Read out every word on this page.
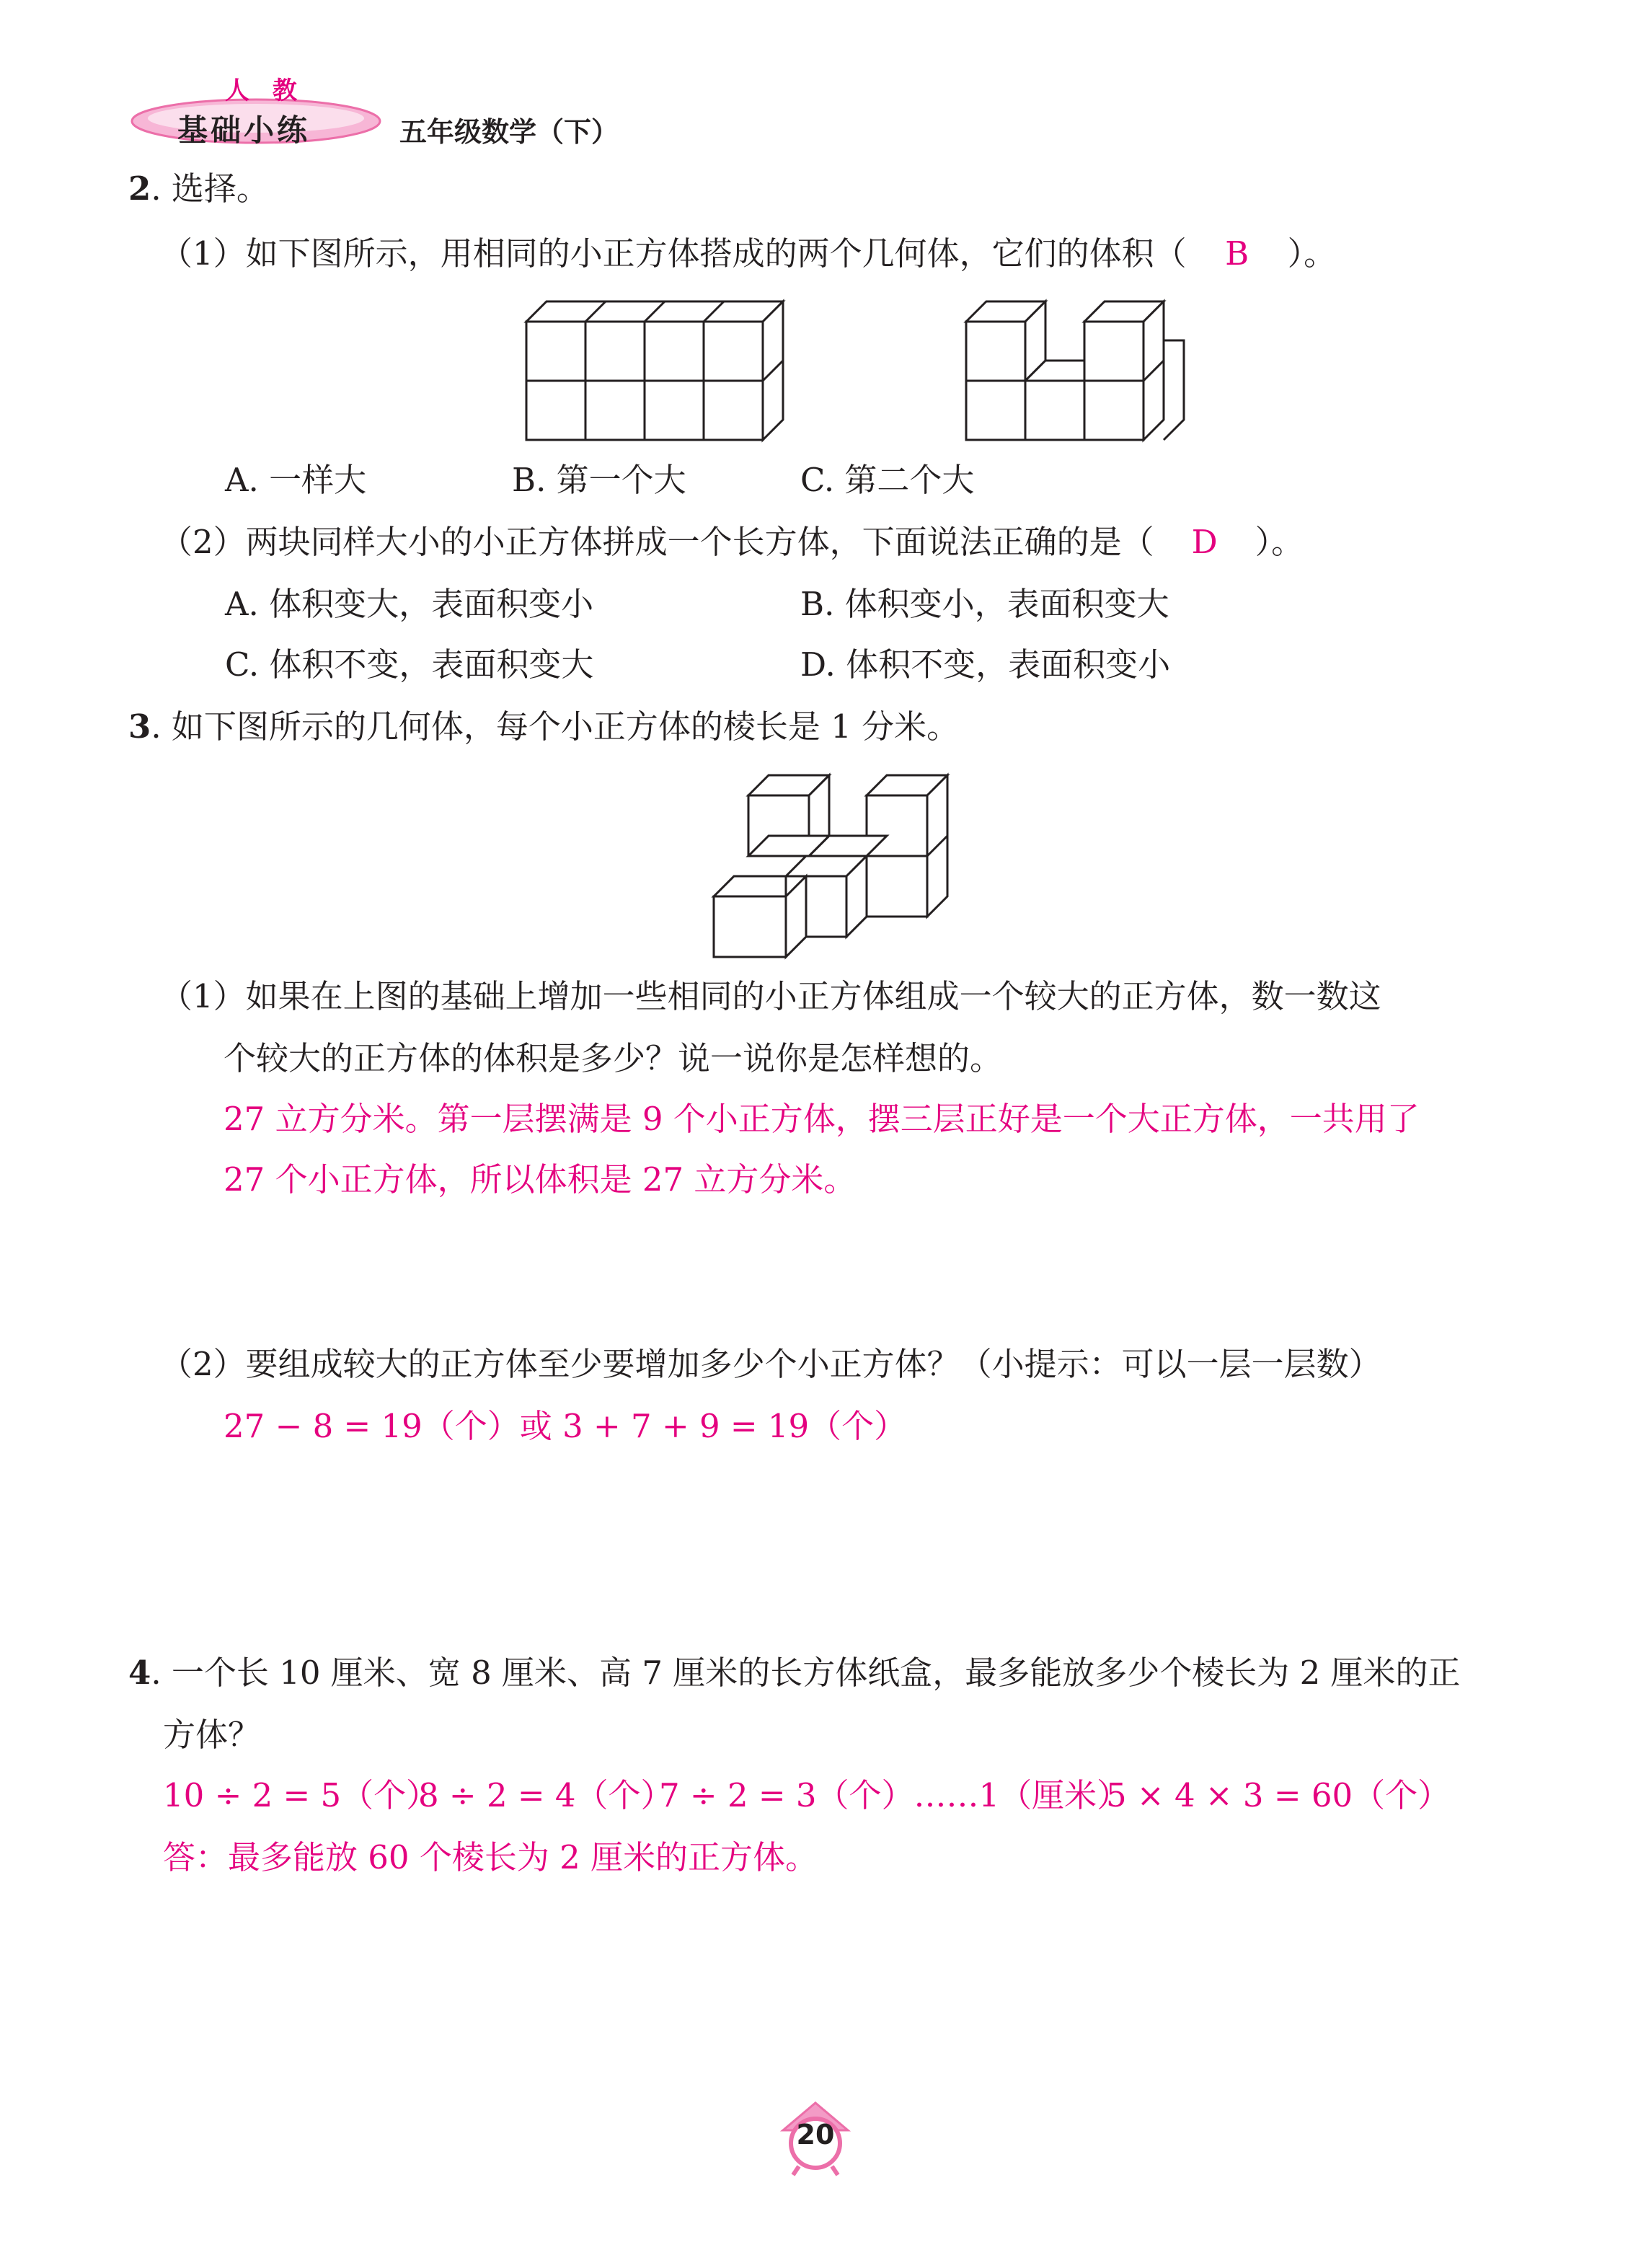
人 教
基础小练	五年级数学（下）
2. 选择。
（1）如下图所示，用相同的小正方体搭成的两个几何体，它们的体积（ B ）。
A. 一样大	B. 第一个大	C. 第二个大
（2）两块同样大小的小正方体拼成一个长方体，下面说法正确的是（ D ）。
A. 体积变大，表面积变小	B. 体积变小，表面积变大
C. 体积不变，表面积变大	D. 体积不变，表面积变小
3. 如下图所示的几何体，每个小正方体的棱长是 1 分米。
（1）如果在上图的基础上增加一些相同的小正方体组成一个较大的正方体，数一数这
个较大的正方体的体积是多少？说一说你是怎样想的。
27 立方分米。第一层摆满是 9 个小正方体，摆三层正好是一个大正方体，一共用了
27 个小正方体，所以体积是 27 立方分米。
（2）要组成较大的正方体至少要增加多少个小正方体？（小提示：可以一层一层数）
27 − 8 = 19（个）或 3 + 7 + 9 = 19（个）
4. 一个长 10 厘米、宽 8 厘米、高 7 厘米的长方体纸盒，最多能放多少个棱长为 2 厘米的正
方体？
10 ÷ 2 = 5（个）
8 ÷ 2 = 4（个）
7 ÷ 2 = 3（个）……1（厘米）
5 × 4 × 3 = 60（个）
答：最多能放 60 个棱长为 2 厘米的正方体。
20
